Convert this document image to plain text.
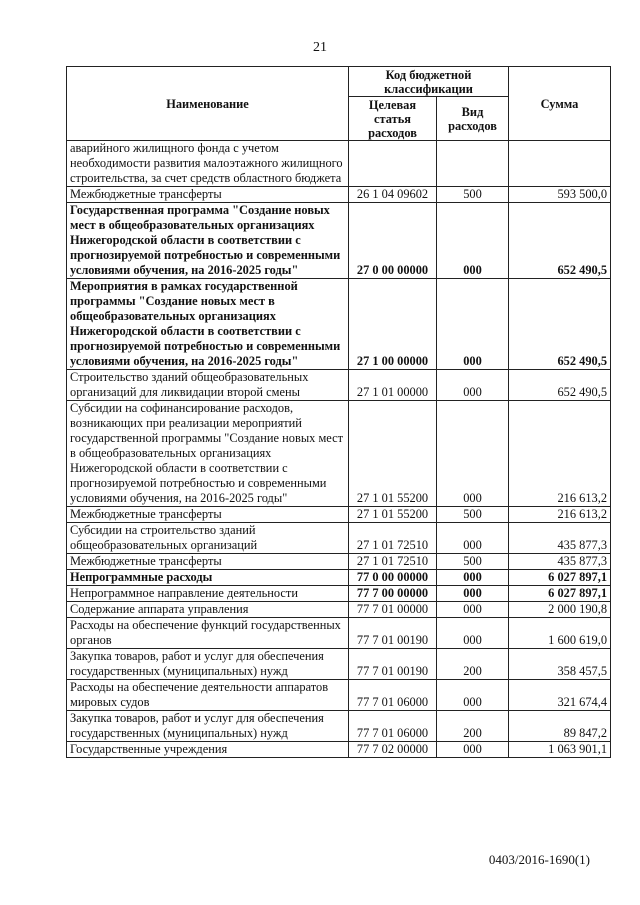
21
Наименование	Код бюджетной классификации		Сумма
	Целевая статья расходов	Вид расходов	
аварийного жилищного фонда с учетом необходимости развития малоэтажного жилищного строительства, за счет средств областного бюджета			
Межбюджетные трансферты	26 1 04 09602	500	593 500,0
Государственная программа "Создание новых мест в общеобразовательных организациях Нижегородской области в соответствии с прогнозируемой потребностью и современными условиями обучения, на 2016-2025 годы"	27 0 00 00000	000	652 490,5
Мероприятия в рамках государственной программы "Создание новых мест в общеобразовательных организациях Нижегородской области в соответствии с прогнозируемой потребностью и современными условиями обучения, на 2016-2025 годы"	27 1 00 00000	000	652 490,5
Строительство зданий общеобразовательных организаций для ликвидации второй смены	27 1 01 00000	000	652 490,5
Субсидии на софинансирование расходов, возникающих при реализации мероприятий государственной программы "Создание новых мест в общеобразовательных организациях Нижегородской области в соответствии с прогнозируемой потребностью и современными условиями обучения, на 2016-2025 годы"	27 1 01 55200	000	216 613,2
Межбюджетные трансферты	27 1 01 55200	500	216 613,2
Субсидии на строительство зданий общеобразовательных организаций	27 1 01 72510	000	435 877,3
Межбюджетные трансферты	27 1 01 72510	500	435 877,3
Непрограммные расходы	77 0 00 00000	000	6 027 897,1
Непрограммное направление деятельности	77 7 00 00000	000	6 027 897,1
Содержание аппарата управления	77 7 01 00000	000	2 000 190,8
Расходы на обеспечение функций государственных органов	77 7 01 00190	000	1 600 619,0
Закупка товаров, работ и услуг для обеспечения государственных (муниципальных) нужд	77 7 01 00190	200	358 457,5
Расходы на обеспечение деятельности аппаратов мировых судов	77 7 01 06000	000	321 674,4
Закупка товаров, работ и услуг для обеспечения государственных (муниципальных) нужд	77 7 01 06000	200	89 847,2
Государственные учреждения	77 7 02 00000	000	1 063 901,1
0403/2016-1690(1)
